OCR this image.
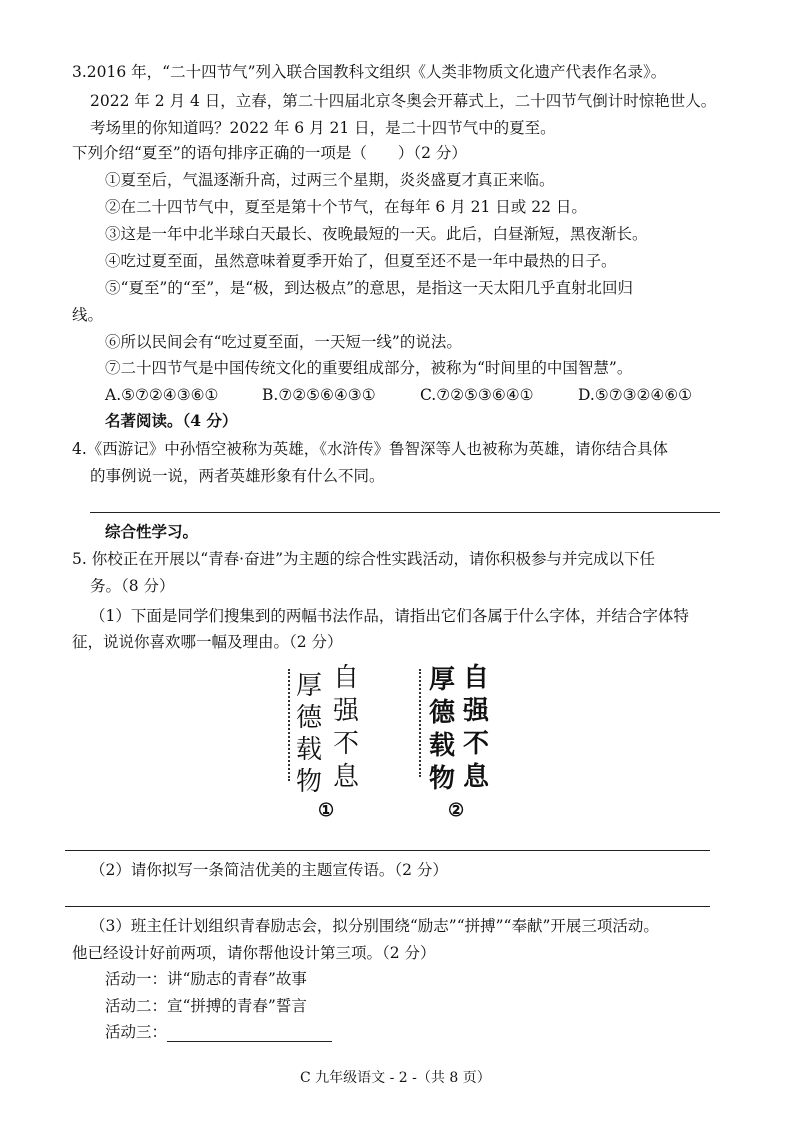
3.2016 年，“二十四节气”列入联合国教科文组织《人类非物质文化遗产代表作名录》。
2022 年 2 月 4 日，立春，第二十四届北京冬奥会开幕式上，二十四节气倒计时惊艳世人。
考场里的你知道吗？2022 年 6 月 21 日，是二十四节气中的夏至。
下列介绍“夏至”的语句排序正确的一项是（　　）（2 分）
①夏至后，气温逐渐升高，过两三个星期，炎炎盛夏才真正来临。
②在二十四节气中，夏至是第十个节气，在每年 6 月 21 日或 22 日。
③这是一年中北半球白天最长、夜晚最短的一天。此后，白昼渐短，黑夜渐长。
④吃过夏至面，虽然意味着夏季开始了，但夏至还不是一年中最热的日子。
⑤“夏至”的“至”，是“极，到达极点”的意思，是指这一天太阳几乎直射北回归
线。
⑥所以民间会有“吃过夏至面，一天短一线”的说法。
⑦二十四节气是中国传统文化的重要组成部分，被称为“时间里的中国智慧”。
A.⑤⑦②④③⑥①	B.⑦②⑤⑥④③①	C.⑦②⑤③⑥④①	D.⑤⑦③②④⑥①
名著阅读。（4 分）
4.《西游记》中孙悟空被称为英雄，《水浒传》鲁智深等人也被称为英雄，请你结合具体
的事例说一说，两者英雄形象有什么不同。
综合性学习。
5. 你校正在开展以“青春·奋进”为主题的综合性实践活动，请你积极参与并完成以下任
务。（8 分）
（1）下面是同学们搜集到的两幅书法作品，请指出它们各属于什么字体，并结合字体特
征，说说你喜欢哪一幅及理由。（2 分）
自
强
不
息
厚
德
载
物
①
自
强
不
息
厚
德
载
物
②
（2）请你拟写一条简洁优美的主题宣传语。（2 分）
（3）班主任计划组织青春励志会，拟分别围绕“励志”“拼搏”“奉献”开展三项活动。
他已经设计好前两项，请你帮他设计第三项。（2 分）
活动一：讲“励志的青春”故事
活动二：宣“拼搏的青春”誓言
活动三：
C 九年级语文 - 2 -（共 8 页）
